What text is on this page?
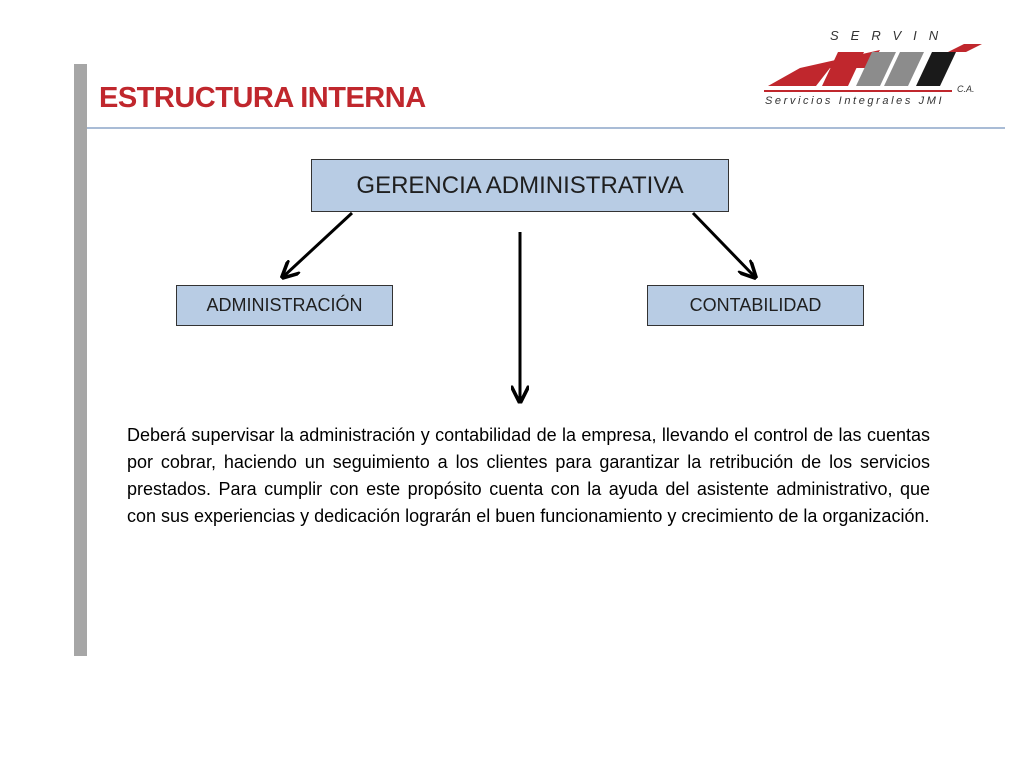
ESTRUCTURA INTERNA
SERVIN
C.A.
Servicios Integrales JMI
GERENCIA ADMINISTRATIVA
ADMINISTRACIÓN	CONTABILIDAD

Deberá supervisar la administración y contabilidad de la empresa, llevando el control de las cuentas por cobrar, haciendo un seguimiento a los clientes para garantizar la retribución de los servicios prestados. Para cumplir con este propósito cuenta con la ayuda del asistente administrativo, que con sus experiencias y dedicación lograrán el buen funcionamiento y crecimiento de la organización.
